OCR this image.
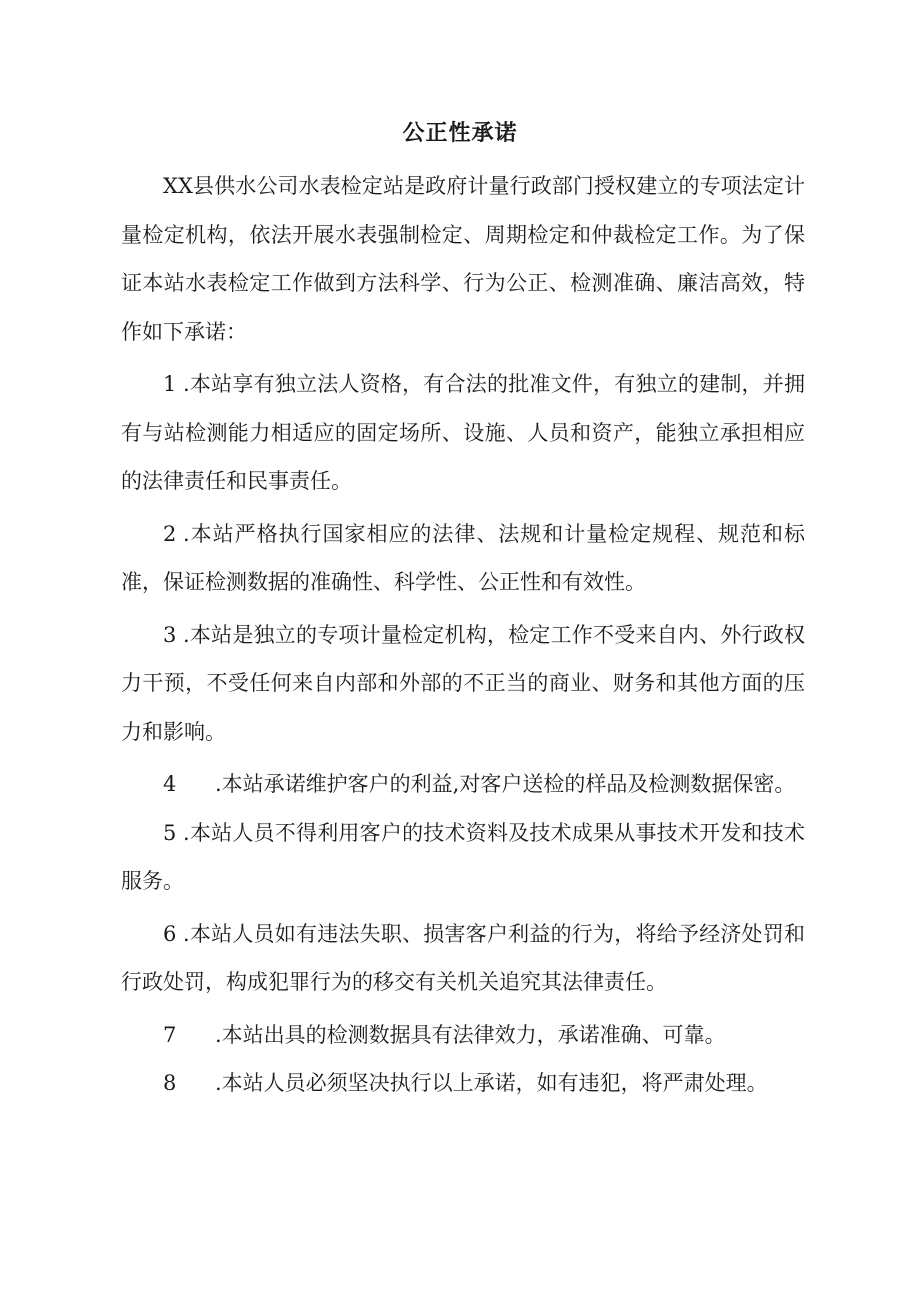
公正性承诺

XX县供水公司水表检定站是政府计量行政部门授权建立的专项法定计量检定机构，依法开展水表强制检定、周期检定和仲裁检定工作。为了保证本站水表检定工作做到方法科学、行为公正、检测准确、廉洁高效，特作如下承诺：

1 .本站享有独立法人资格，有合法的批准文件，有独立的建制，并拥有与站检测能力相适应的固定场所、设施、人员和资产，能独立承担相应的法律责任和民事责任。

2 .本站严格执行国家相应的法律、法规和计量检定规程、规范和标准，保证检测数据的准确性、科学性、公正性和有效性。

3 .本站是独立的专项计量检定机构，检定工作不受来自内、外行政权力干预，不受任何来自内部和外部的不正当的商业、财务和其他方面的压力和影响。

4 .本站承诺维护客户的利益,对客户送检的样品及检测数据保密。

5 .本站人员不得利用客户的技术资料及技术成果从事技术开发和技术服务。

6 .本站人员如有违法失职、损害客户利益的行为，将给予经济处罚和行政处罚，构成犯罪行为的移交有关机关追究其法律责任。

7 .本站出具的检测数据具有法律效力，承诺准确、可靠。

8 .本站人员必须坚决执行以上承诺，如有违犯，将严肃处理。
